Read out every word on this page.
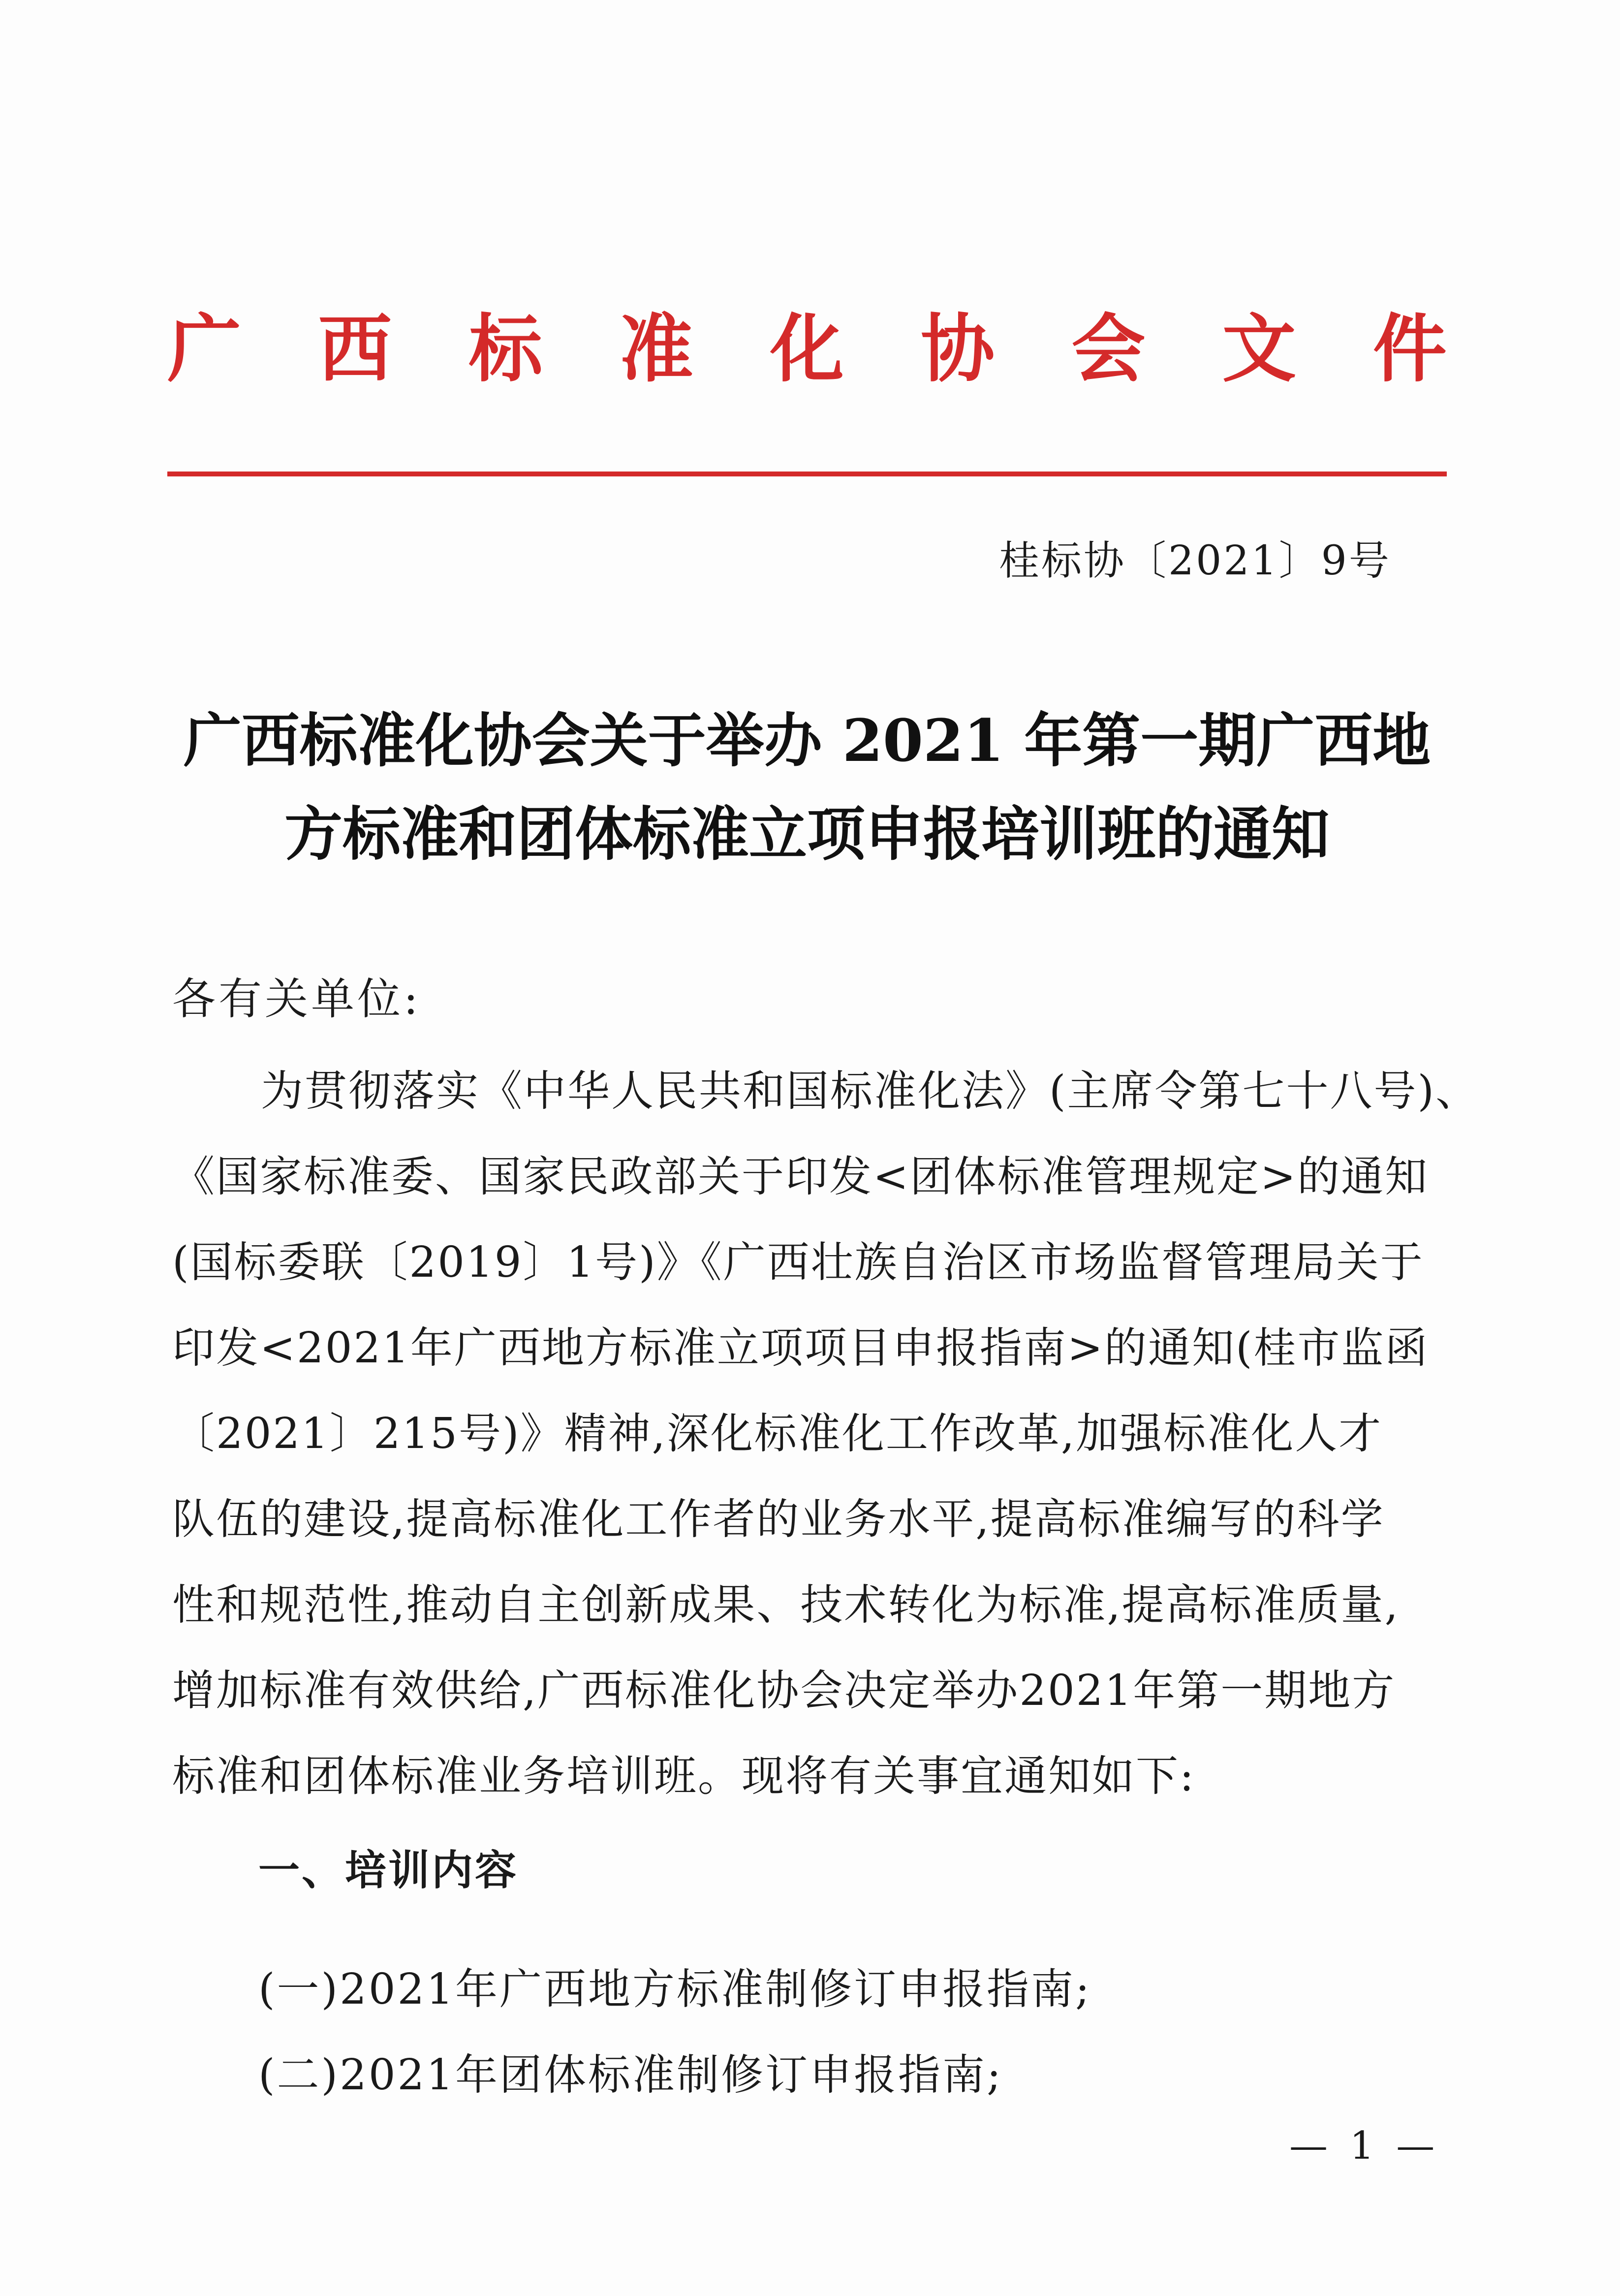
广 西 标 准 化 协 会 文 件
桂标协〔2021〕9号
广西标准化协会关于举办 2021 年第一期广西地
方标准和团体标准立项申报培训班的通知
各有关单位:
为贯彻落实《中华人民共和国标准化法》(主席令第七十八号)、
《国家标准委、国家民政部关于印发<团体标准管理规定>的通知
(国标委联〔2019〕1号)》《广西壮族自治区市场监督管理局关于
印发<2021年广西地方标准立项项目申报指南>的通知(桂市监函
〔2021〕215号)》精神,深化标准化工作改革,加强标准化人才
队伍的建设,提高标准化工作者的业务水平,提高标准编写的科学
性和规范性,推动自主创新成果、技术转化为标准,提高标准质量,
增加标准有效供给,广西标准化协会决定举办2021年第一期地方
标准和团体标准业务培训班。现将有关事宜通知如下:
一、培训内容
(一)2021年广西地方标准制修订申报指南;
(二)2021年团体标准制修订申报指南;
— 1 —
